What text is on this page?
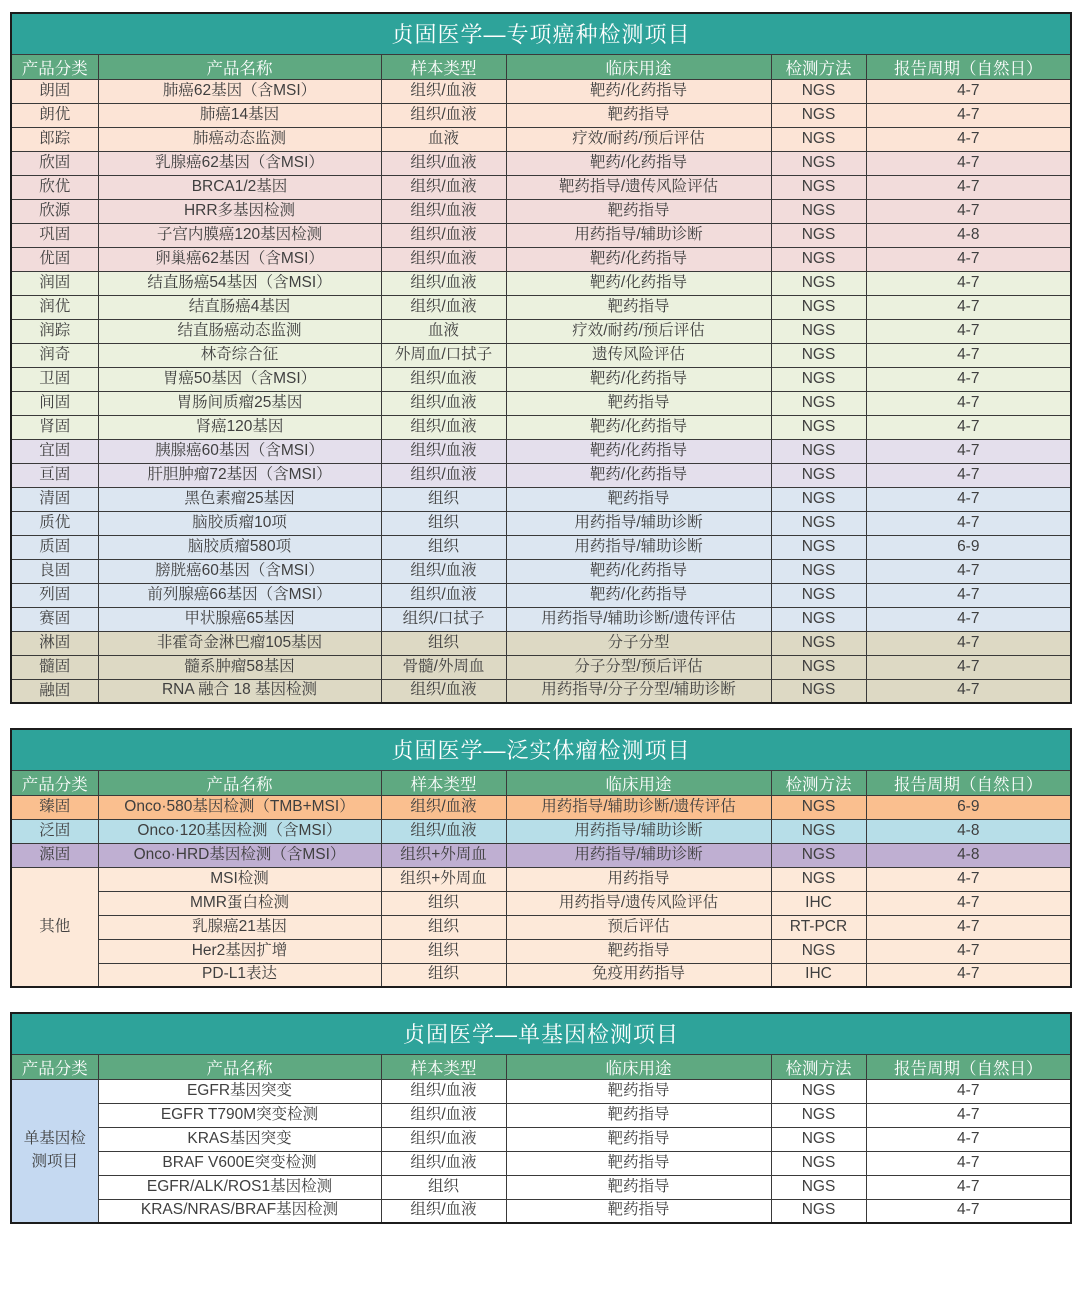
贞固医学—专项癌种检测项目					
产品分类	产品名称	样本类型	临床用途	检测方法	报告周期（自然日）
朗固	肺癌62基因（含MSI）	组织/血液	靶药/化药指导	NGS	4-7
朗优	肺癌14基因	组织/血液	靶药指导	NGS	4-7
郎踪	肺癌动态监测	血液	疗效/耐药/预后评估	NGS	4-7
欣固	乳腺癌62基因（含MSI）	组织/血液	靶药/化药指导	NGS	4-7
欣优	BRCA1/2基因	组织/血液	靶药指导/遗传风险评估	NGS	4-7
欣源	HRR多基因检测	组织/血液	靶药指导	NGS	4-7
巩固	子宫内膜癌120基因检测	组织/血液	用药指导/辅助诊断	NGS	4-8
优固	卵巢癌62基因（含MSI）	组织/血液	靶药/化药指导	NGS	4-7
润固	结直肠癌54基因（含MSI）	组织/血液	靶药/化药指导	NGS	4-7
润优	结直肠癌4基因	组织/血液	靶药指导	NGS	4-7
润踪	结直肠癌动态监测	血液	疗效/耐药/预后评估	NGS	4-7
润奇	林奇综合征	外周血/口拭子	遗传风险评估	NGS	4-7
卫固	胃癌50基因（含MSI）	组织/血液	靶药/化药指导	NGS	4-7
间固	胃肠间质瘤25基因	组织/血液	靶药指导	NGS	4-7
肾固	肾癌120基因	组织/血液	靶药/化药指导	NGS	4-7
宜固	胰腺癌60基因（含MSI）	组织/血液	靶药/化药指导	NGS	4-7
亘固	肝胆肿瘤72基因（含MSI）	组织/血液	靶药/化药指导	NGS	4-7
清固	黑色素瘤25基因	组织	靶药指导	NGS	4-7
质优	脑胶质瘤10项	组织	用药指导/辅助诊断	NGS	4-7
质固	脑胶质瘤580项	组织	用药指导/辅助诊断	NGS	6-9
良固	膀胱癌60基因（含MSI）	组织/血液	靶药/化药指导	NGS	4-7
列固	前列腺癌66基因（含MSI）	组织/血液	靶药/化药指导	NGS	4-7
赛固	甲状腺癌65基因	组织/口拭子	用药指导/辅助诊断/遗传评估	NGS	4-7
淋固	非霍奇金淋巴瘤105基因	组织	分子分型	NGS	4-7
髓固	髓系肿瘤58基因	骨髓/外周血	分子分型/预后评估	NGS	4-7
融固	RNA 融合 18 基因检测	组织/血液	用药指导/分子分型/辅助诊断	NGS	4-7
贞固医学—泛实体瘤检测项目					
产品分类	产品名称	样本类型	临床用途	检测方法	报告周期（自然日）
臻固	Onco·580基因检测（TMB+MSI）	组织/血液	用药指导/辅助诊断/遗传评估	NGS	6-9
泛固	Onco·120基因检测（含MSI）	组织/血液	用药指导/辅助诊断	NGS	4-8
源固	Onco·HRD基因检测（含MSI）	组织+外周血	用药指导/辅助诊断	NGS	4-8
其他	MSI检测	组织+外周血	用药指导	NGS	4-7
	MMR蛋白检测	组织	用药指导/遗传风险评估	IHC	4-7
	乳腺癌21基因	组织	预后评估	RT-PCR	4-7
	Her2基因扩增	组织	靶药指导	NGS	4-7
	PD-L1表达	组织	免疫用药指导	IHC	4-7
贞固医学—单基因检测项目					
产品分类	产品名称	样本类型	临床用途	检测方法	报告周期（自然日）
单基因检测项目	EGFR基因突变	组织/血液	靶药指导	NGS	4-7
	EGFR T790M突变检测	组织/血液	靶药指导	NGS	4-7
	KRAS基因突变	组织/血液	靶药指导	NGS	4-7
	BRAF V600E突变检测	组织/血液	靶药指导	NGS	4-7
	EGFR/ALK/ROS1基因检测	组织	靶药指导	NGS	4-7
	KRAS/NRAS/BRAF基因检测	组织/血液	靶药指导	NGS	4-7
